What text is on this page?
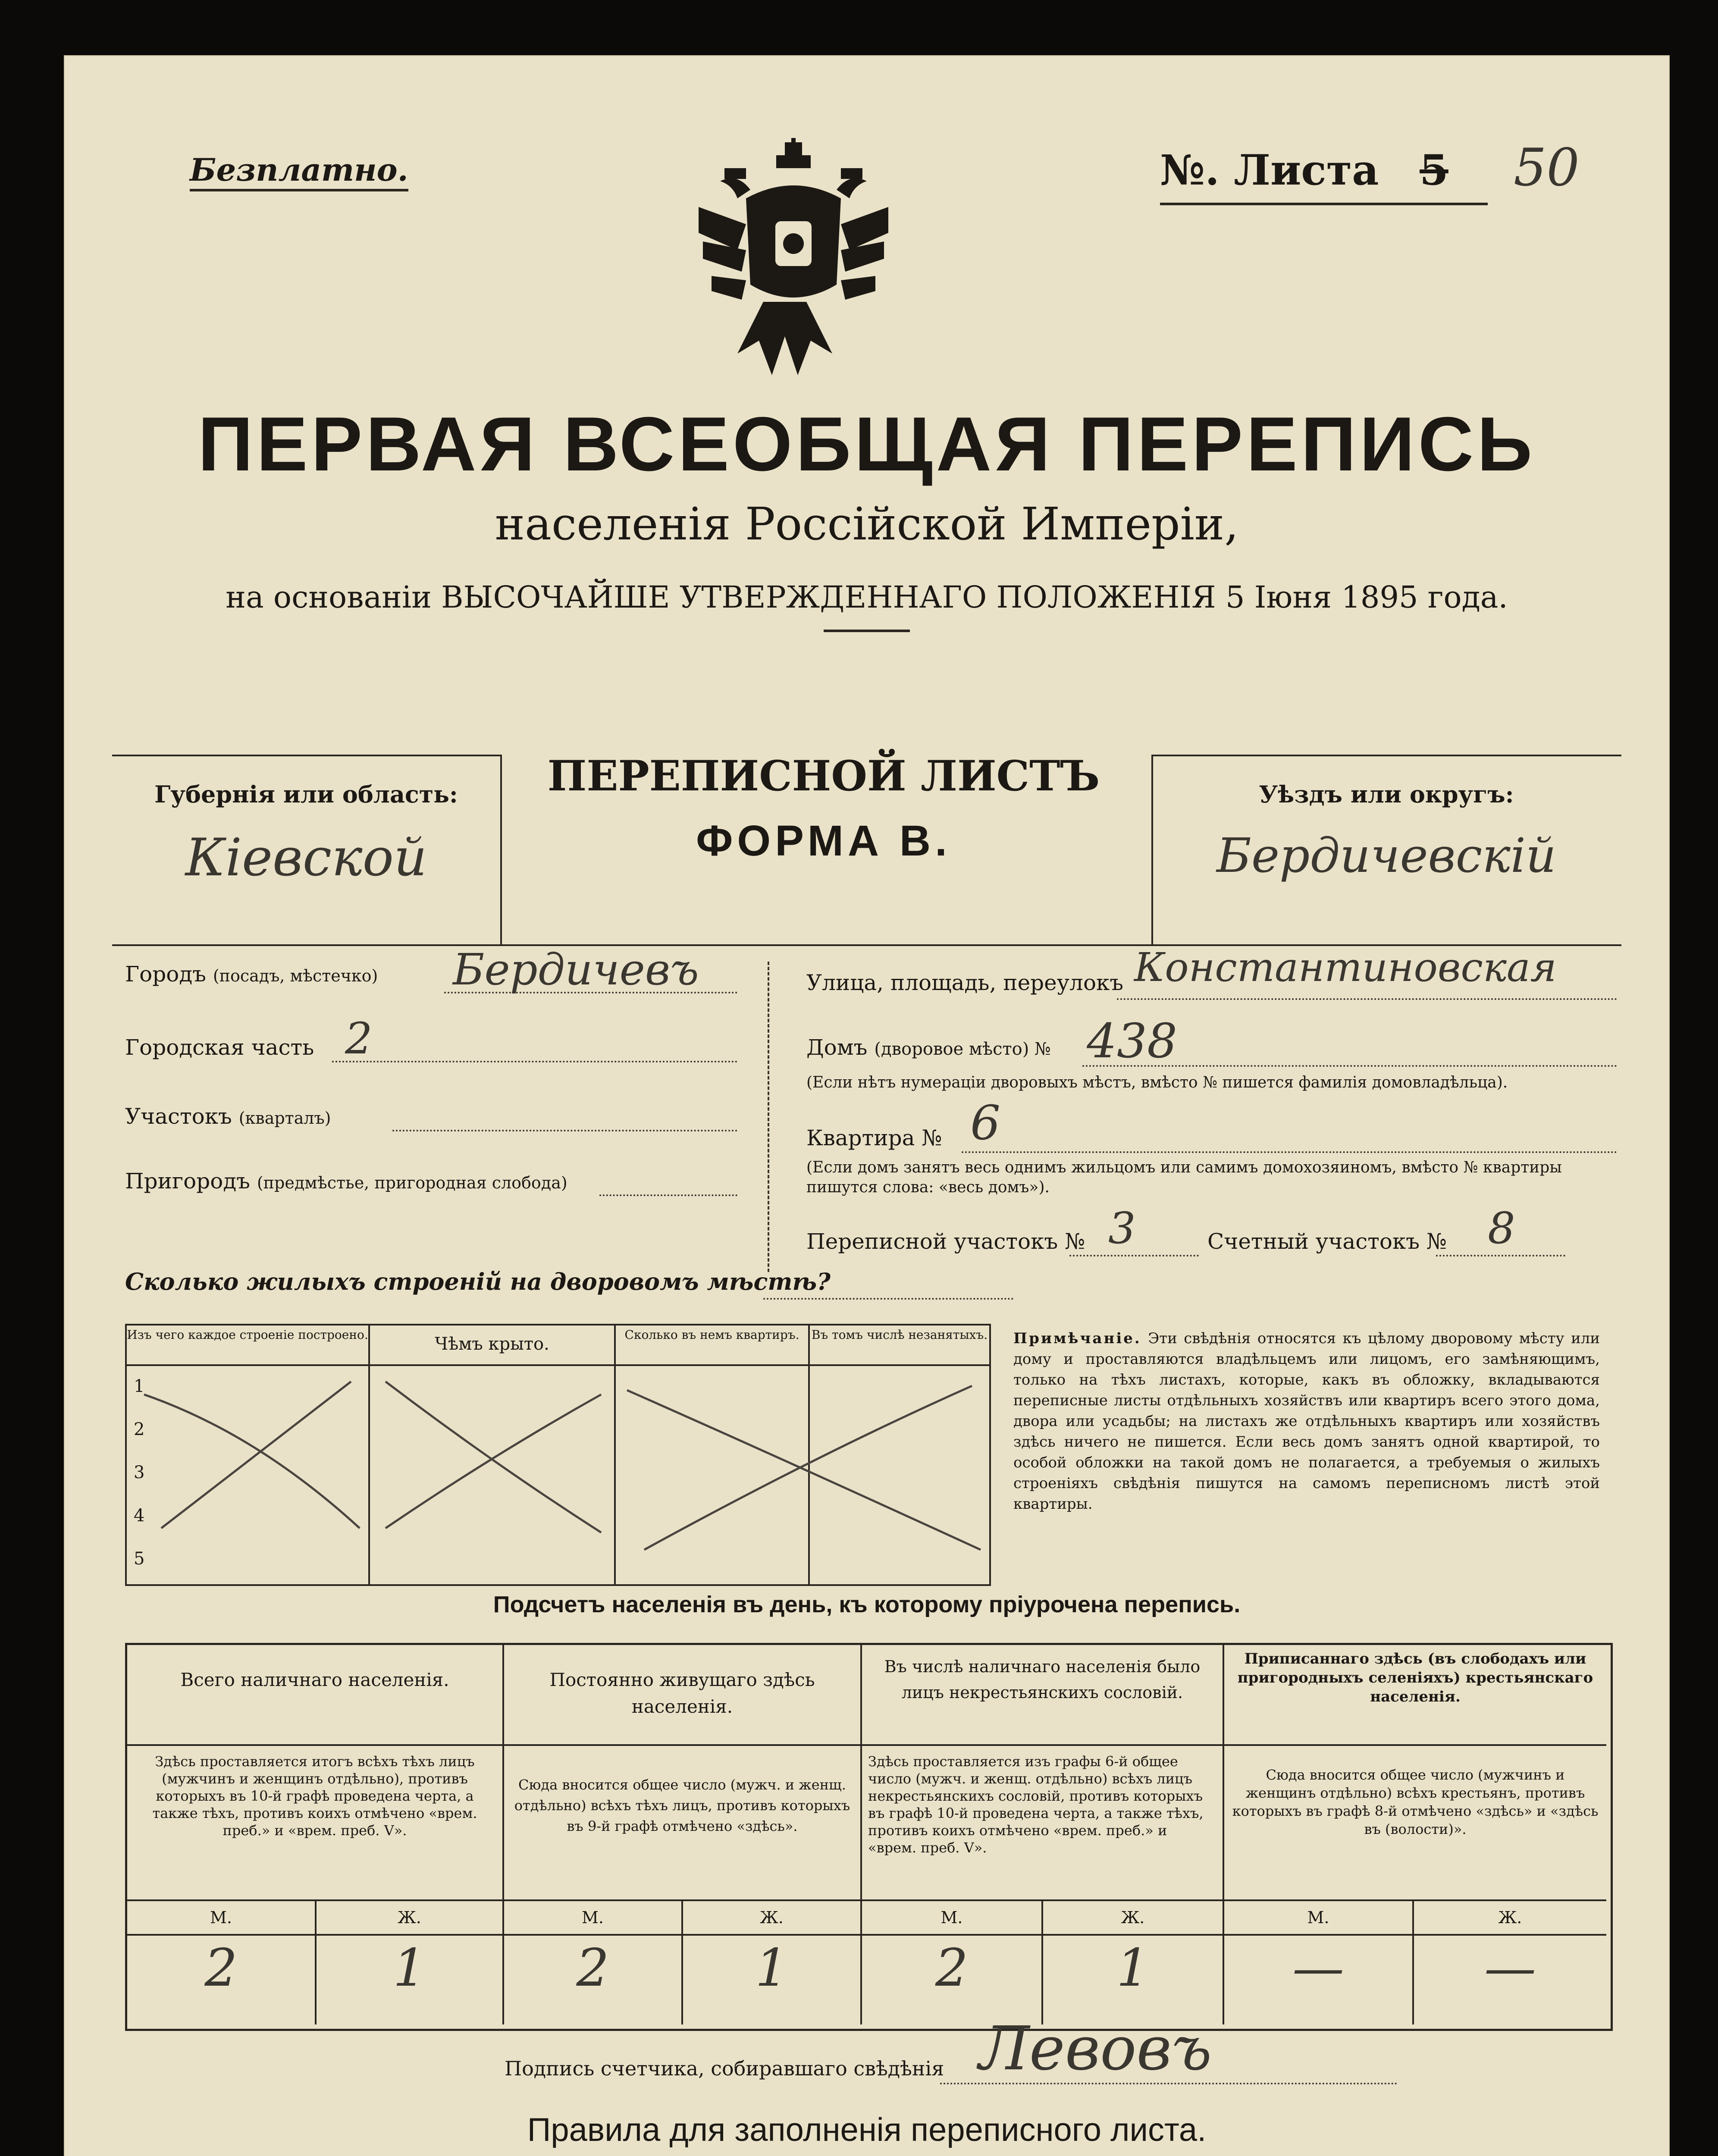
Безплатно.	№. Листа 5 50
ПЕРВАЯ ВСЕОБЩАЯ ПЕРЕПИСЬ
населенія Россійской Имперіи,
на основаніи ВЫСОЧАЙШЕ УТВЕРЖДЕННАГО ПОЛОЖЕНІЯ 5 Іюня 1895 года.
Губернія или область:
Кіевской
ПЕРЕПИСНОЙ ЛИСТЪ
ФОРМА В.
Уѣздъ или округъ:
Бердичевскій
Городъ (посадъ, мѣстечко) Бердичевъ
Городская часть 2
Участокъ (кварталъ)
Пригородъ (предмѣстье, пригородная слобода)
Улица, площадь, переулокъ Константиновская
Домъ (дворовое мѣсто) № 438
(Если нѣтъ нумераціи дворовыхъ мѣстъ, вмѣсто № пишется фамилія домовладѣльца).
Квартира № 6
(Если домъ занятъ весь однимъ жильцомъ или самимъ домохозяиномъ, вмѣсто № квартиры пишутся слова: «весь домъ»).
Переписной участокъ № 3	Счетный участокъ № 8
Сколько жилыхъ строеній на дворовомъ мѣстѣ?
Изъ чего каждое строеніе построено.	Чѣмъ крыто.	Сколько въ немъ квартиръ.	Въ томъ числѣ незанятыхъ.
1
2
3
4
5
Примѣчаніе. Эти свѣдѣнія относятся къ цѣлому дворовому мѣсту или дому и проставляются владѣльцемъ или лицомъ, его замѣняющимъ, только на тѣхъ листахъ, которые, какъ въ обложку, вкладываются переписные листы отдѣльныхъ хозяйствъ или квартиръ всего этого дома, двора или усадьбы; на листахъ же отдѣльныхъ квартиръ или хозяйствъ здѣсь ничего не пишется. Если весь домъ занятъ одной квартирой, то особой обложки на такой домъ не полагается, а требуемыя о жилыхъ строеніяхъ свѣдѣнія пишутся на самомъ переписномъ листѣ этой квартиры.
Подсчетъ населенія въ день, къ которому пріурочена перепись.
Всего наличнаго населенія.	Постоянно живущаго здѣсь населенія.
Въ числѣ наличнаго населенія было лицъ некрестьянскихъ сословій.
Приписаннаго здѣсь (въ слободахъ или пригородныхъ селеніяхъ) крестьянскаго населенія.
Здѣсь проставляется итогъ всѣхъ тѣхъ лицъ (мужчинъ и женщинъ отдѣльно), противъ которыхъ въ 10-й графѣ проведена черта, а также тѣхъ, противъ коихъ отмѣчено «врем. преб.» и «врем. преб. V».
Сюда вносится общее число (мужч. и женщ. отдѣльно) всѣхъ тѣхъ лицъ, противъ которыхъ въ 9-й графѣ отмѣчено «здѣсь».
Здѣсь проставляется изъ графы 6-й общее число (мужч. и женщ. отдѣльно) всѣхъ лицъ некрестьянскихъ сословій, противъ которыхъ въ графѣ 10-й проведена черта, а также тѣхъ, противъ коихъ отмѣчено «врем. преб.» и «врем. преб. V».
Сюда вносится общее число (мужчинъ и женщинъ отдѣльно) всѣхъ крестьянъ, противъ которыхъ въ графѣ 8-й отмѣчено «здѣсь» и «здѣсь въ (волости)».
М.	Ж.	М.	Ж.	М.	Ж.	М.	Ж.
2	1	2	1	2	1	—	—
Подпись счетчика, собиравшаго свѣдѣнія Левовъ
Правила для заполненія переписного листа.
